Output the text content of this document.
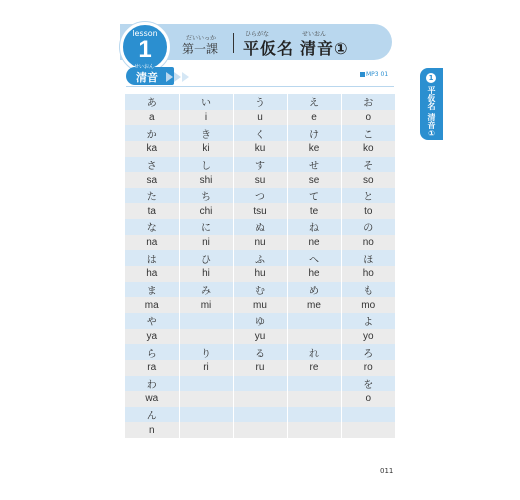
lesson
1	だいいっか
第一課
ひらがな
平仮名
せいおん
清音①
清音
せいおん
MP3 01	1
平仮名 清音①
あ	い	う	え	お
a	i	u	e	o
か	き	く	け	こ
ka	ki	ku	ke	ko
さ	し	す	せ	そ
sa	shi	su	se	so
た	ち	つ	て	と
ta	chi	tsu	te	to
な	に	ぬ	ね	の
na	ni	nu	ne	no
は	ひ	ふ	へ	ほ
ha	hi	hu	he	ho
ま	み	む	め	も
ma	mi	mu	me	mo
や		ゆ		よ
ya		yu		yo
ら	り	る	れ	ろ
ra	ri	ru	re	ro
わ				を
wa				o
ん				
n				
011
